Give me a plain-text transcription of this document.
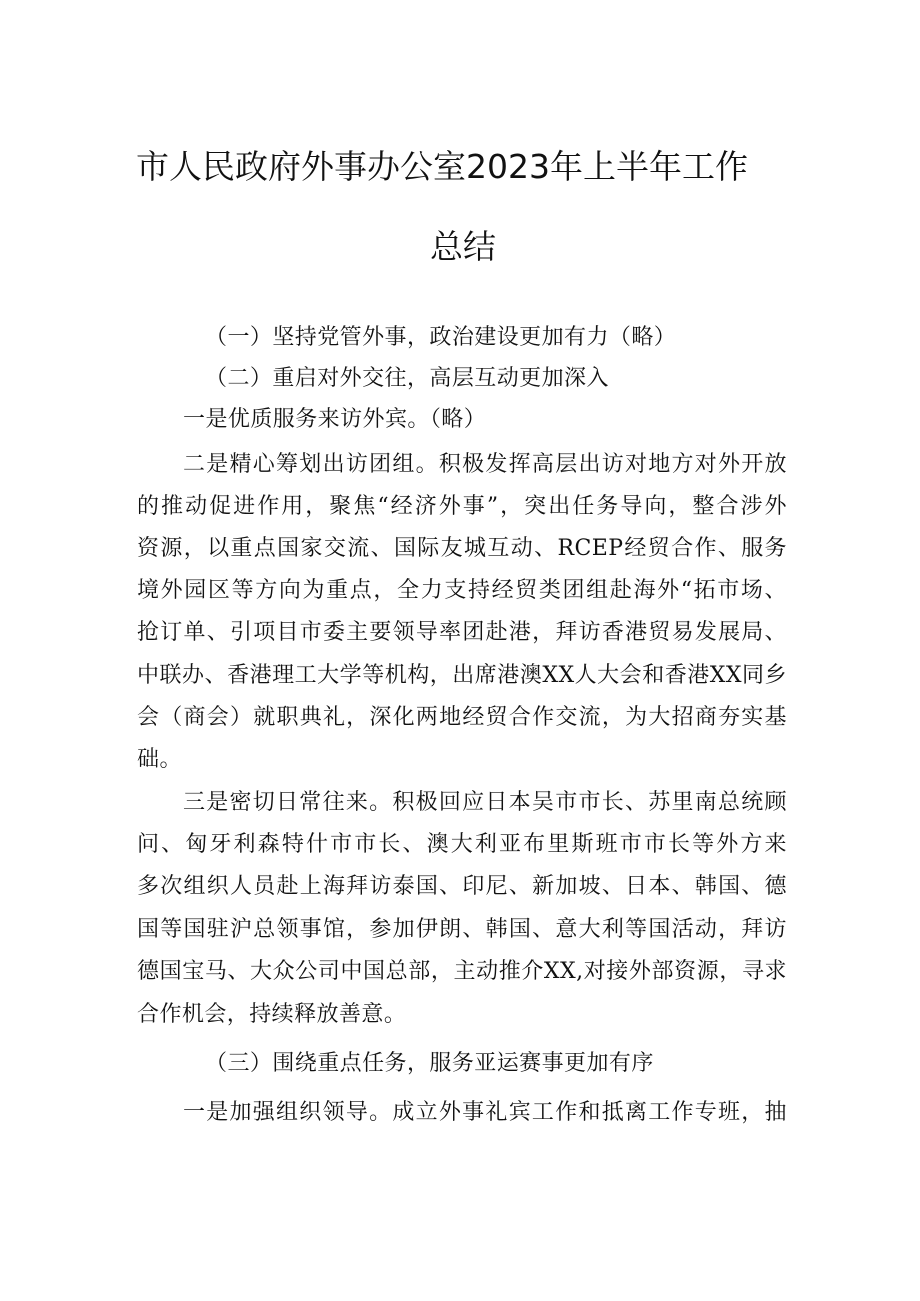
市人民政府外事办公室2023年上半年工作
总结

（一）坚持党管外事，政治建设更加有力（略）

（二）重启对外交往，高层互动更加深入

一是优质服务来访外宾。（略）

二是精心筹划出访团组。积极发挥高层出访对地方对外开放

的推动促进作用，聚焦“经济外事”，突出任务导向，整合涉外

资源，以重点国家交流、国际友城互动、RCEP经贸合作、服务

境外园区等方向为重点，全力支持经贸类团组赴海外“拓市场、

抢订单、引项目市委主要领导率团赴港，拜访香港贸易发展局、

中联办、香港理工大学等机构，出席港澳XX人大会和香港XX同乡

会（商会）就职典礼，深化两地经贸合作交流，为大招商夯实基

础。

三是密切日常往来。积极回应日本吴市市长、苏里南总统顾

问、匈牙利森特什市市长、澳大利亚布里斯班市市长等外方来

多次组织人员赴上海拜访泰国、印尼、新加坡、日本、韩国、德

国等国驻沪总领事馆，参加伊朗、韩国、意大利等国活动，拜访

德国宝马、大众公司中国总部，主动推介XX,对接外部资源，寻求

合作机会，持续释放善意。

（三）围绕重点任务，服务亚运赛事更加有序

一是加强组织领导。成立外事礼宾工作和抵离工作专班，抽
